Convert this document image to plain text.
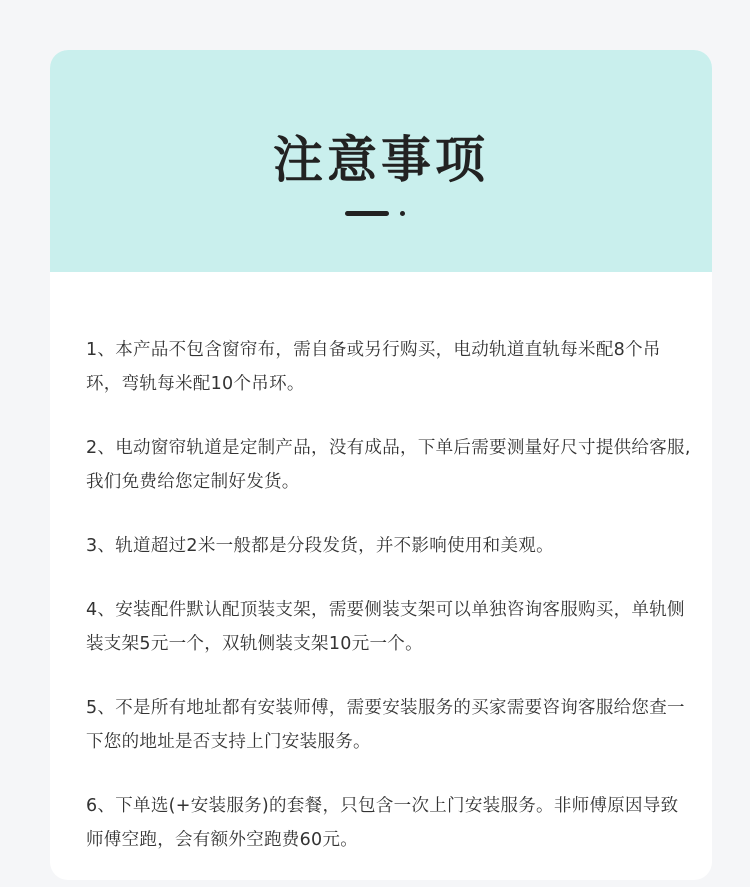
注意事项

1、本产品不包含窗帘布，需自备或另行购买，电动轨道直轨每米配8个吊环，弯轨每米配10个吊环。

2、电动窗帘轨道是定制产品，没有成品，下单后需要测量好尺寸提供给客服,我们免费给您定制好发货。

3、轨道超过2米一般都是分段发货，并不影响使用和美观。

4、安装配件默认配顶装支架，需要侧装支架可以单独咨询客服购买，单轨侧装支架5元一个，双轨侧装支架10元一个。

5、不是所有地址都有安装师傅，需要安装服务的买家需要咨询客服给您查一下您的地址是否支持上门安装服务。

6、下单选(+安装服务)的套餐，只包含一次上门安装服务。非师傅原因导致师傅空跑，会有额外空跑费60元。
